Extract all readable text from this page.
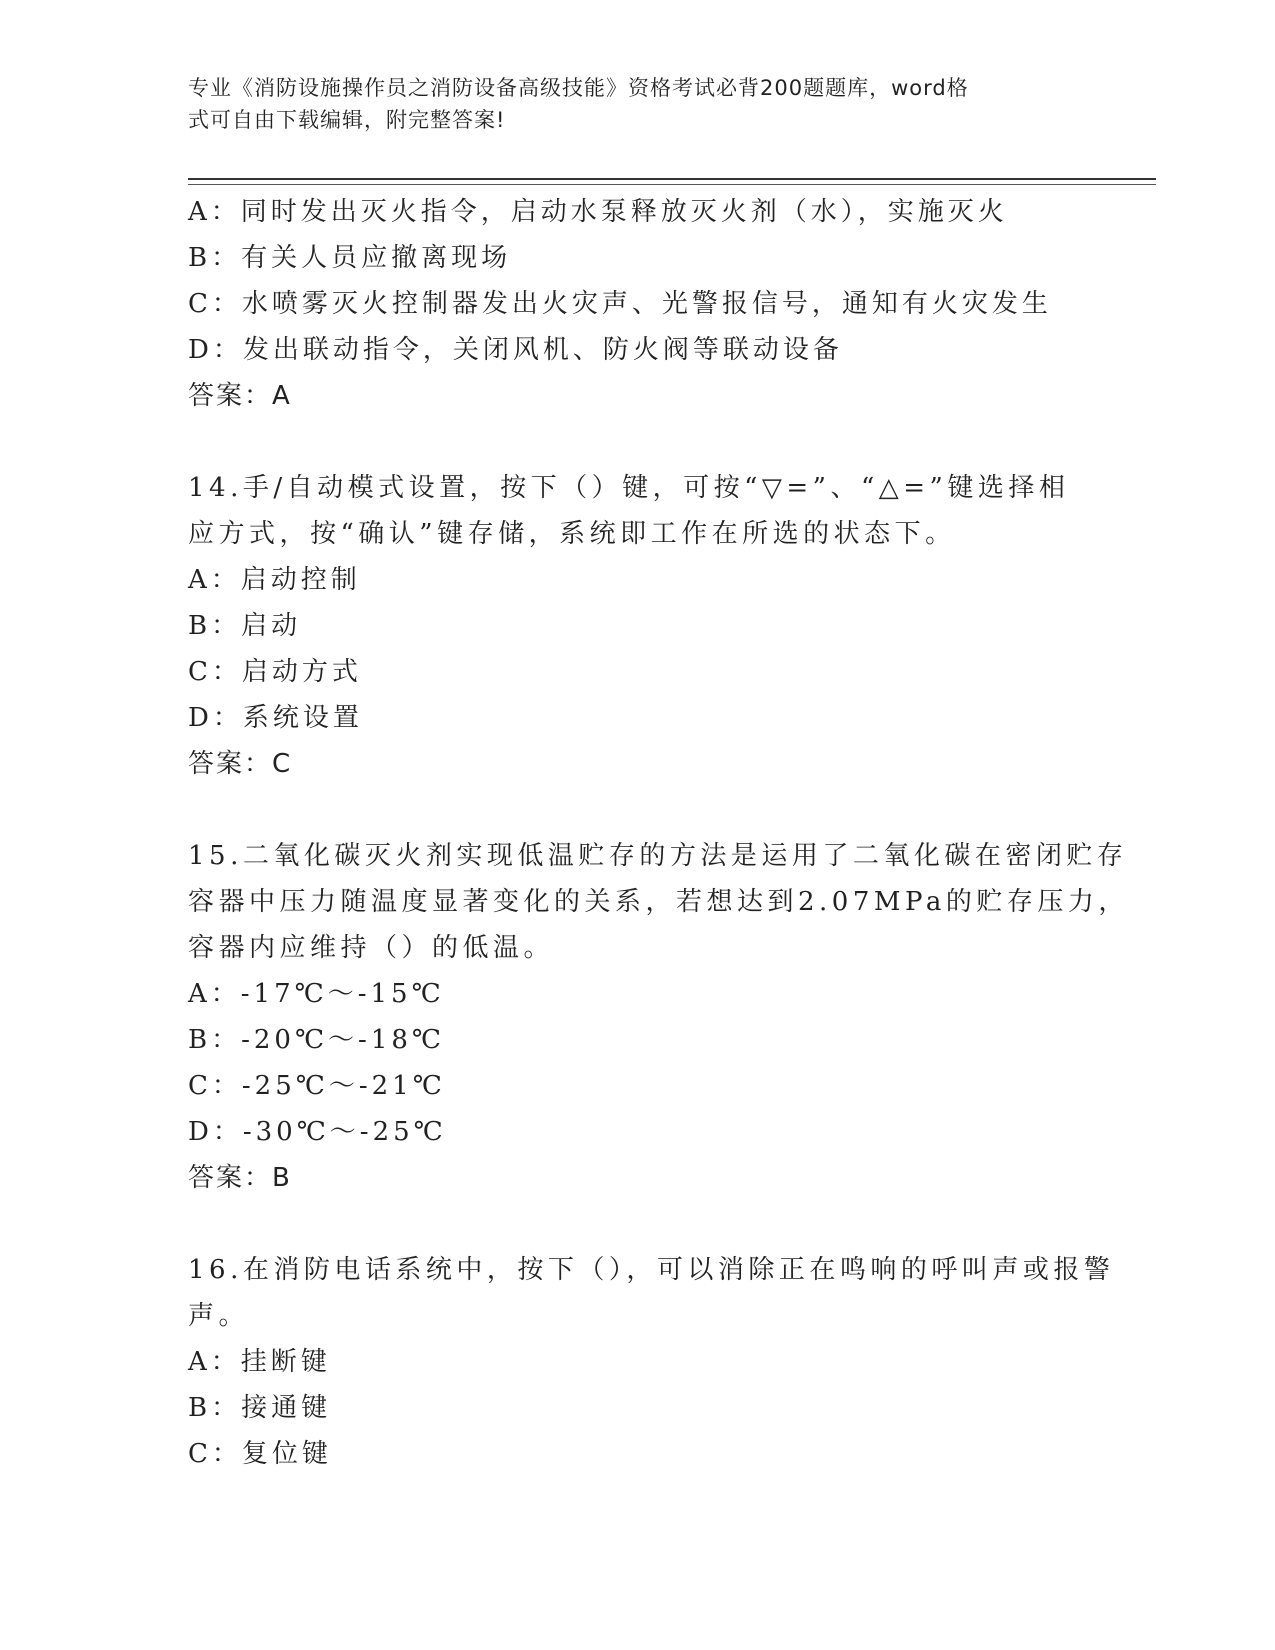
专业《消防设施操作员之消防设备高级技能》资格考试必背200题题库，word格
式可自由下载编辑，附完整答案!
A：同时发出灭火指令，启动水泵释放灭火剂（水），实施灭火
B：有关人员应撤离现场
C：水喷雾灭火控制器发出火灾声、光警报信号，通知有火灾发生
D：发出联动指令，关闭风机、防火阀等联动设备
答案：A
14.手/自动模式设置，按下（）键，可按“▽=”、“△=”键选择相
应方式，按“确认”键存储，系统即工作在所选的状态下。
A：启动控制
B：启动
C：启动方式
D：系统设置
答案：C
15.二氧化碳灭火剂实现低温贮存的方法是运用了二氧化碳在密闭贮存
容器中压力随温度显著变化的关系，若想达到2.07MPa的贮存压力，
容器内应维持（）的低温。
A：-17℃～-15℃
B：-20℃～-18℃
C：-25℃～-21℃
D：-30℃～-25℃
答案：B
16.在消防电话系统中，按下（），可以消除正在鸣响的呼叫声或报警
声。
A：挂断键
B：接通键
C：复位键
